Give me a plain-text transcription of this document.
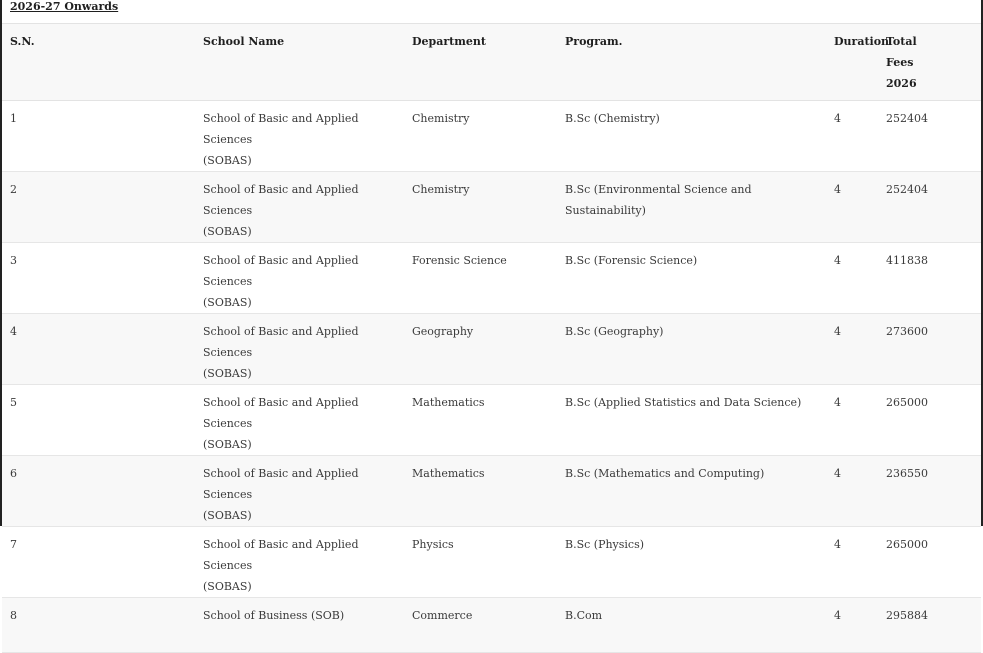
2026-27 Onwards
S.N.	School Name	Department	Program.	Duration	Total
Fees
2026

1	School of Basic and Applied Sciences
(SOBAS)	Chemistry	B.Sc (Chemistry)	4	252404
2	School of Basic and Applied Sciences
(SOBAS)	Chemistry	B.Sc (Environmental Science and Sustainability)	4	252404
3	School of Basic and Applied Sciences
(SOBAS)	Forensic Science	B.Sc (Forensic Science)	4	411838
4	School of Basic and Applied Sciences
(SOBAS)	Geography	B.Sc (Geography)	4	273600
5	School of Basic and Applied Sciences
(SOBAS)	Mathematics	B.Sc (Applied Statistics and Data Science)	4	265000
6	School of Basic and Applied Sciences
(SOBAS)	Mathematics	B.Sc (Mathematics and Computing)	4	236550
7	School of Basic and Applied Sciences
(SOBAS)	Physics	B.Sc (Physics)	4	265000
8	School of Business (SOB)	Commerce	B.Com	4	295884
